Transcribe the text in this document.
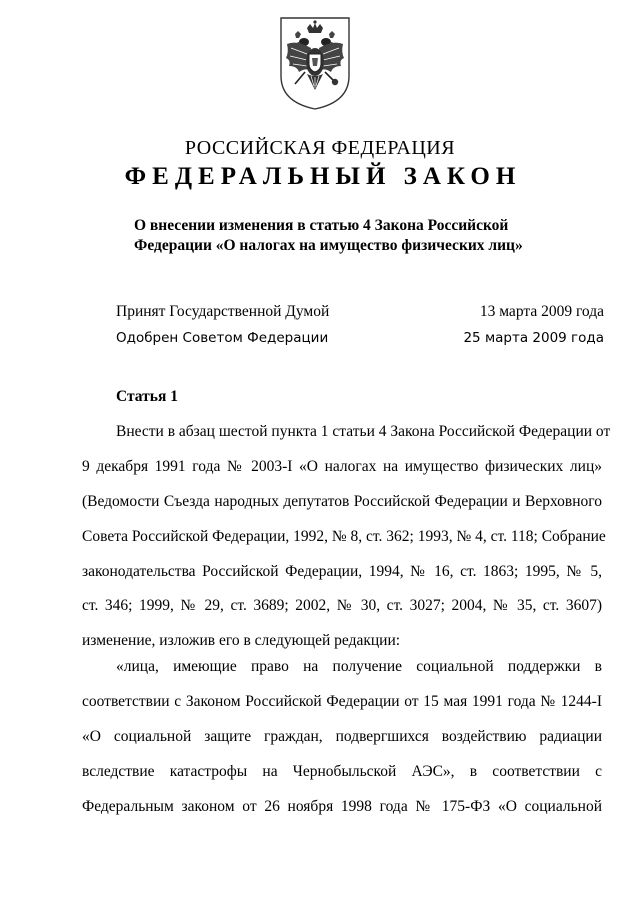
РОССИЙСКАЯ ФЕДЕРАЦИЯ
ФЕДЕРАЛЬНЫЙ ЗАКОН
О внесении изменения в статью 4 Закона Российской
Федерации «О налогах на имущество физических лиц»
Принят Государственной Думой	13 марта 2009 года
Одобрен Советом Федерации	25 марта 2009 года
Статья 1
Внести в абзац шестой пункта 1 статьи 4 Закона Российской Федерации от
9 декабря 1991 года № 2003-I «О налогах на имущество физических лиц»
(Ведомости Съезда народных депутатов Российской Федерации и Верховного
Совета Российской Федерации, 1992, № 8, ст. 362; 1993, № 4, ст. 118; Собрание
законодательства Российской Федерации, 1994, № 16, ст. 1863; 1995, № 5,
ст. 346; 1999, № 29, ст. 3689; 2002, № 30, ст. 3027; 2004, № 35, ст. 3607)
изменение, изложив его в следующей редакции:
«лица, имеющие право на получение социальной поддержки в
соответствии с Законом Российской Федерации от 15 мая 1991 года № 1244-I
«О социальной защите граждан, подвергшихся воздействию радиации
вследствие катастрофы на Чернобыльской АЭС», в соответствии с
Федеральным законом от 26 ноября 1998 года № 175-ФЗ «О социальной
